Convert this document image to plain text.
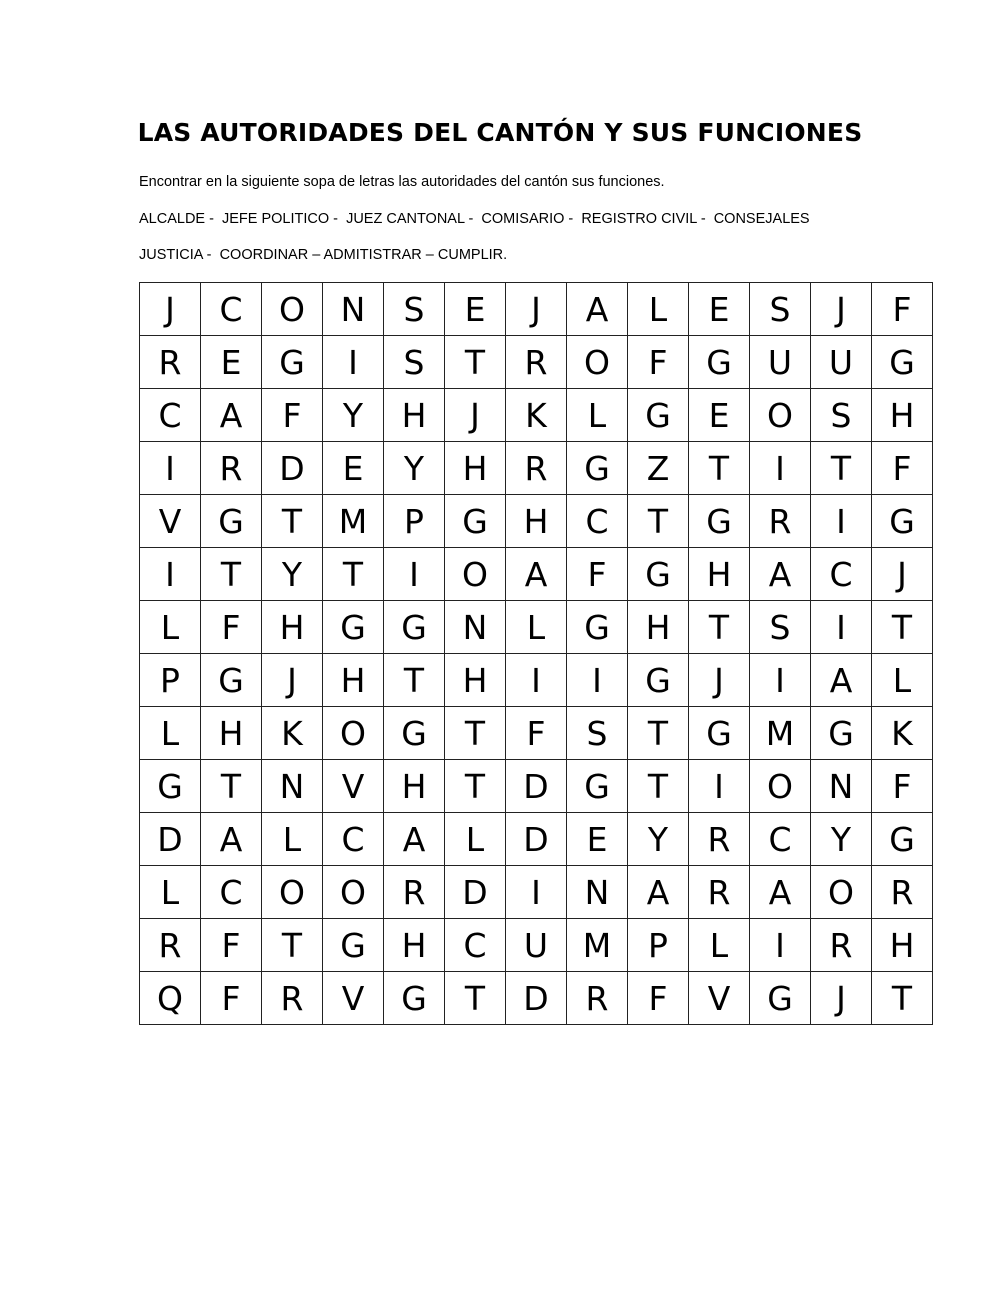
LAS AUTORIDADES DEL CANTÓN Y SUS FUNCIONES
Encontrar en la siguiente sopa de letras las autoridades del cantón sus funciones.
ALCALDE -  JEFE POLITICO -  JUEZ CANTONAL -  COMISARIO -  REGISTRO CIVIL -  CONSEJALES
JUSTICIA -  COORDINAR – ADMITISTRAR – CUMPLIR.
J	C	O	N	S	E	J	A	L	E	S	J	F
R	E	G	I	S	T	R	O	F	G	U	U	G
C	A	F	Y	H	J	K	L	G	E	O	S	H
I	R	D	E	Y	H	R	G	Z	T	I	T	F
V	G	T	M	P	G	H	C	T	G	R	I	G
I	T	Y	T	I	O	A	F	G	H	A	C	J
L	F	H	G	G	N	L	G	H	T	S	I	T
P	G	J	H	T	H	I	I	G	J	I	A	L
L	H	K	O	G	T	F	S	T	G	M	G	K
G	T	N	V	H	T	D	G	T	I	O	N	F
D	A	L	C	A	L	D	E	Y	R	C	Y	G
L	C	O	O	R	D	I	N	A	R	A	O	R
R	F	T	G	H	C	U	M	P	L	I	R	H
Q	F	R	V	G	T	D	R	F	V	G	J	T
